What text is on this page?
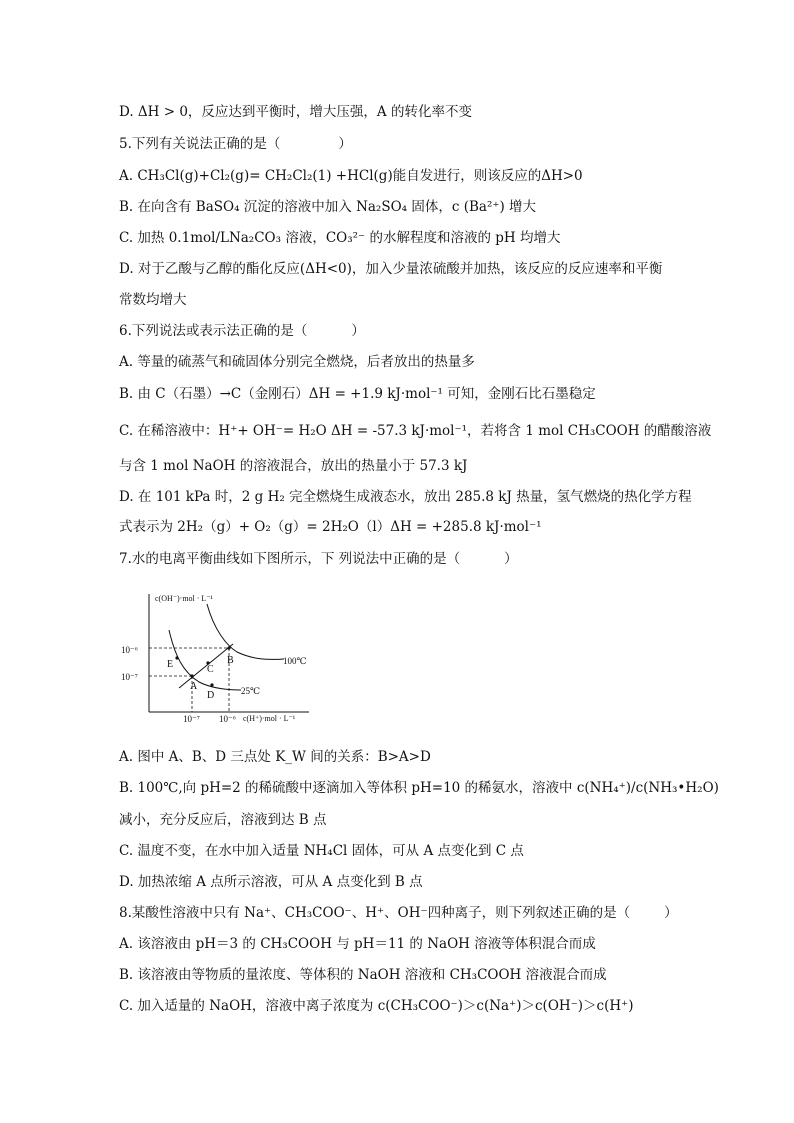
D. ΔH > 0，反应达到平衡时，增大压强，A 的转化率不变
5.下列有关说法正确的是（	）
A. CH₃Cl(g)+Cl₂(g)= CH₂Cl₂(1) +HCl(g)能自发进行，则该反应的ΔH>0
B. 在向含有 BaSO₄ 沉淀的溶液中加入 Na₂SO₄ 固体，c (Ba²⁺) 增大
C. 加热 0.1mol/LNa₂CO₃ 溶液，CO₃²⁻ 的水解程度和溶液的 pH 均增大
D. 对于乙酸与乙醇的酯化反应(ΔH<0)，加入少量浓硫酸并加热，该反应的反应速率和平衡
常数均增大
6.下列说法或表示法正确的是（	）
A. 等量的硫蒸气和硫固体分别完全燃烧，后者放出的热量多
B. 由 C（石墨）→C（金刚石）ΔH = +1.9 kJ·mol⁻¹ 可知，金刚石比石墨稳定
C. 在稀溶液中：H⁺+ OH⁻= H₂O ΔH = -57.3 kJ·mol⁻¹，若将含 1 mol CH₃COOH 的醋酸溶液
与含 1 mol NaOH 的溶液混合，放出的热量小于 57.3 kJ
D. 在 101 kPa 时，2 g H₂ 完全燃烧生成液态水，放出 285.8 kJ 热量，氢气燃烧的热化学方程
式表示为 2H₂（g）+ O₂（g）= 2H₂O（l）ΔH = +285.8 kJ·mol⁻¹
7.水的电离平衡曲线如下图所示，下 列说法中正确的是（	）
c(OH⁻)·mol · L⁻¹
c(H⁺)·mol · L⁻¹
10⁻⁶
10⁻⁷
10⁻⁷ 10⁻⁶
A
B
C
D
E	100℃
25℃
A. 图中 A、B、D 三点处 K_W 间的关系：B>A>D
B. 100℃,向 pH=2 的稀硫酸中逐滴加入等体积 pH=10 的稀氨水，溶液中 c(NH₄⁺)/c(NH₃•H₂O)
减小，充分反应后，溶液到达 B 点
C. 温度不变，在水中加入适量 NH₄Cl 固体，可从 A 点变化到 C 点
D. 加热浓缩 A 点所示溶液，可从 A 点变化到 B 点
8.某酸性溶液中只有 Na⁺、CH₃COO⁻、H⁺、OH⁻四种离子，则下列叙述正确的是（	）
A. 该溶液由 pH＝3 的 CH₃COOH 与 pH＝11 的 NaOH 溶液等体积混合而成
B. 该溶液由等物质的量浓度、等体积的 NaOH 溶液和 CH₃COOH 溶液混合而成
C. 加入适量的 NaOH，溶液中离子浓度为 c(CH₃COO⁻)＞c(Na⁺)＞c(OH⁻)＞c(H⁺)
